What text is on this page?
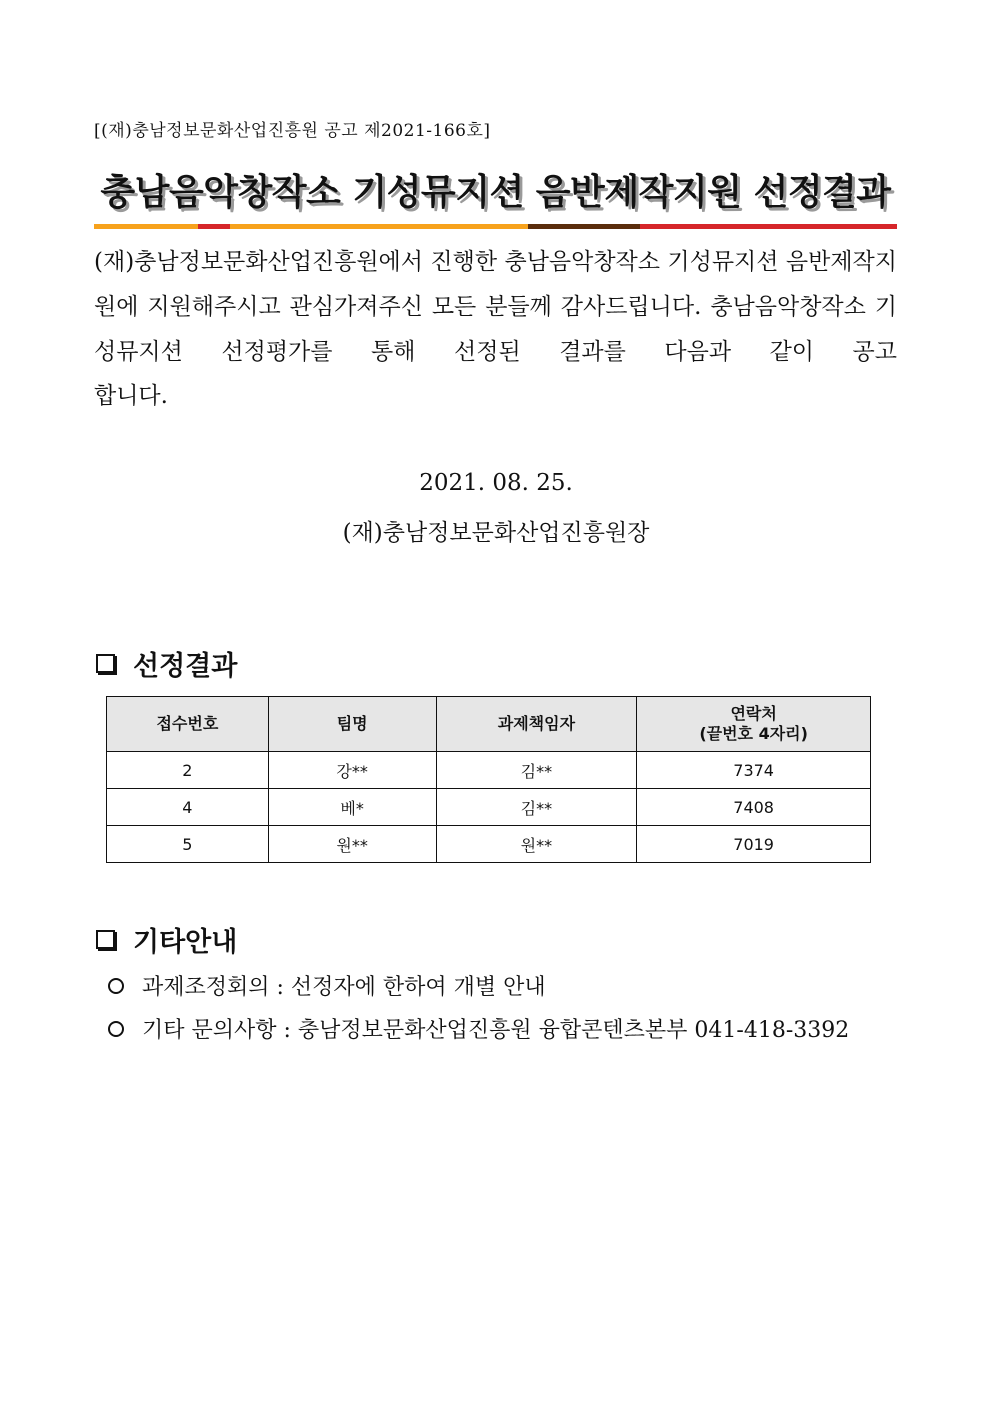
[(재)충남정보문화산업진흥원 공고 제2021-166호]
충남음악창작소 기성뮤지션 음반제작지원 선정결과
(재)충남정보문화산업진흥원에서 진행한 충남음악창작소 기성뮤지션 음반제작지원에 지원해주시고 관심가져주신 모든 분들께 감사드립니다. 충남음악창작소 기성뮤지션 선정평가를 통해 선정된 결과를 다음과 같이 공고
합니다.
2021. 08. 25.
(재)충남정보문화산업진흥원장
선정결과
접수번호	팀명	과제책임자	연락처
(끝번호 4자리)

2	강**	김**	7374
4	베*	김**	7408
5	원**	원**	7019
기타안내
과제조정회의 : 선정자에 한하여 개별 안내
기타 문의사항 : 충남정보문화산업진흥원 융합콘텐츠본부 041-418-3392
